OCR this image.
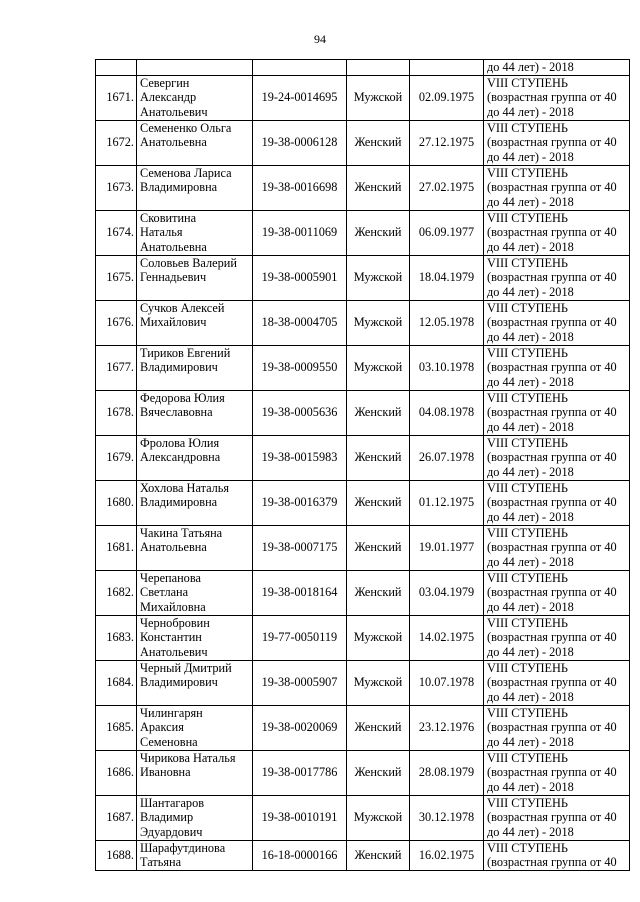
94

					до 44 лет) - 2018

1671.	Севергин
Александр
Анатольевич	19-24-0014695	Мужской	02.09.1975	VIII СТУПЕНЬ
(возрастная группа от 40
до 44 лет) - 2018

1672.	Семененко Ольга
Анатольевна	19-38-0006128	Женский	27.12.1975	VIII СТУПЕНЬ
(возрастная группа от 40
до 44 лет) - 2018

1673.	Семенова Лариса
Владимировна	19-38-0016698	Женский	27.02.1975	VIII СТУПЕНЬ
(возрастная группа от 40
до 44 лет) - 2018

1674.	Сковитина
Наталья
Анатольевна	19-38-0011069	Женский	06.09.1977	VIII СТУПЕНЬ
(возрастная группа от 40
до 44 лет) - 2018

1675.	Соловьев Валерий
Геннадьевич	19-38-0005901	Мужской	18.04.1979	VIII СТУПЕНЬ
(возрастная группа от 40
до 44 лет) - 2018

1676.	Сучков Алексей
Михайлович	18-38-0004705	Мужской	12.05.1978	VIII СТУПЕНЬ
(возрастная группа от 40
до 44 лет) - 2018

1677.	Тириков Евгений
Владимирович	19-38-0009550	Мужской	03.10.1978	VIII СТУПЕНЬ
(возрастная группа от 40
до 44 лет) - 2018

1678.	Федорова Юлия
Вячеславовна	19-38-0005636	Женский	04.08.1978	VIII СТУПЕНЬ
(возрастная группа от 40
до 44 лет) - 2018

1679.	Фролова Юлия
Александровна	19-38-0015983	Женский	26.07.1978	VIII СТУПЕНЬ
(возрастная группа от 40
до 44 лет) - 2018

1680.	Хохлова Наталья
Владимировна	19-38-0016379	Женский	01.12.1975	VIII СТУПЕНЬ
(возрастная группа от 40
до 44 лет) - 2018

1681.	Чакина Татьяна
Анатольевна	19-38-0007175	Женский	19.01.1977	VIII СТУПЕНЬ
(возрастная группа от 40
до 44 лет) - 2018

1682.	Черепанова
Светлана
Михайловна	19-38-0018164	Женский	03.04.1979	VIII СТУПЕНЬ
(возрастная группа от 40
до 44 лет) - 2018

1683.	Чернобровин
Константин
Анатольевич	19-77-0050119	Мужской	14.02.1975	VIII СТУПЕНЬ
(возрастная группа от 40
до 44 лет) - 2018

1684.	Черный Дмитрий
Владимирович	19-38-0005907	Мужской	10.07.1978	VIII СТУПЕНЬ
(возрастная группа от 40
до 44 лет) - 2018

1685.	Чилингарян
Араксия
Семеновна	19-38-0020069	Женский	23.12.1976	VIII СТУПЕНЬ
(возрастная группа от 40
до 44 лет) - 2018

1686.	Чирикова Наталья
Ивановна	19-38-0017786	Женский	28.08.1979	VIII СТУПЕНЬ
(возрастная группа от 40
до 44 лет) - 2018

1687.	Шантагаров
Владимир
Эдуардович	19-38-0010191	Мужской	30.12.1978	VIII СТУПЕНЬ
(возрастная группа от 40
до 44 лет) - 2018

1688.	Шарафутдинова
Татьяна	16-18-0000166	Женский	16.02.1975	VIII СТУПЕНЬ
(возрастная группа от 40
